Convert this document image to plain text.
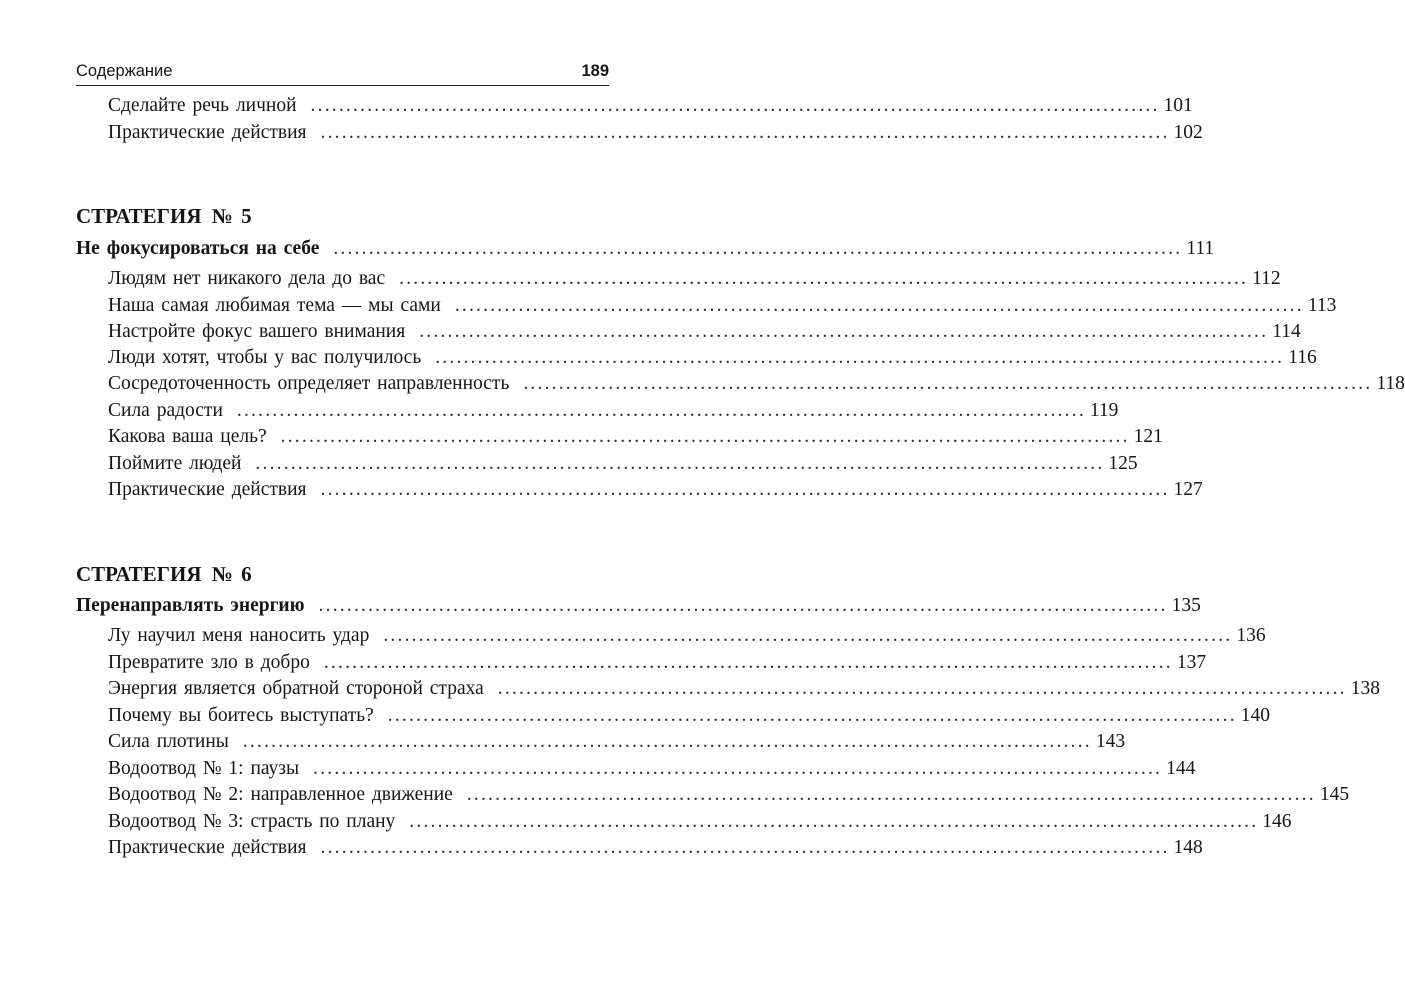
Содержание	189
Сделайте речь личной ........................................................................................................................ 101
Практические действия ........................................................................................................................ 102
СТРАТЕГИЯ № 5
Не фокусироваться на себе ........................................................................................................................ 111
Людям нет никакого дела до вас ........................................................................................................................ 112
Наша самая любимая тема — мы сами ........................................................................................................................ 113
Настройте фокус вашего внимания ........................................................................................................................ 114
Люди хотят, чтобы у вас получилось ........................................................................................................................ 116
Сосредоточенность определяет направленность ........................................................................................................................ 118
Сила радости ........................................................................................................................ 119
Какова ваша цель? ........................................................................................................................ 121
Поймите людей ........................................................................................................................ 125
Практические действия ........................................................................................................................ 127
СТРАТЕГИЯ № 6
Перенаправлять энергию ........................................................................................................................ 135
Лу научил меня наносить удар ........................................................................................................................ 136
Превратите зло в добро ........................................................................................................................ 137
Энергия является обратной стороной страха ........................................................................................................................ 138
Почему вы боитесь выступать? ........................................................................................................................ 140
Сила плотины ........................................................................................................................ 143
Водоотвод № 1: паузы ........................................................................................................................ 144
Водоотвод № 2: направленное движение ........................................................................................................................ 145
Водоотвод № 3: страсть по плану ........................................................................................................................ 146
Практические действия ........................................................................................................................ 148
